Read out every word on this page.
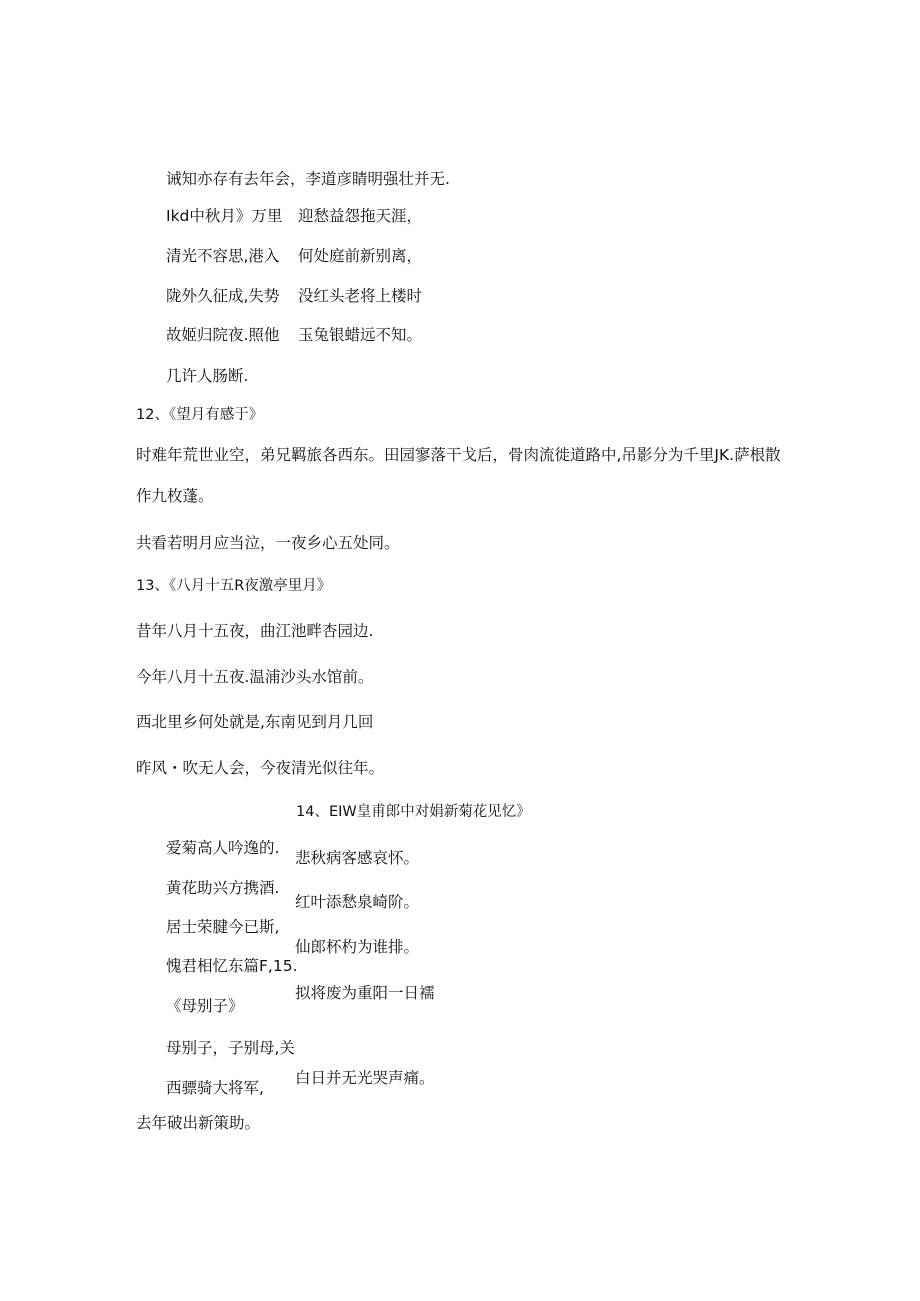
诫知亦存有去年会，李道彦睛明强壮并无.
Ikd中秋月》万里 迎愁益怨拖天涯，
清光不容思,港入 何处庭前新别离，
陇外久征成,失势 没红头老将上楼时
故姬归院夜.照他 玉兔银蜡远不知。
几许人肠断.
12、《望月有感于》
时难年荒世业空，弟兄羁旅各西东。田园寥落干戈后，骨肉流徙道路中,吊影分为千里JK.萨根散
作九枚蓬。
共看若明月应当泣，一夜乡心五处同。
13、《八月十五R夜激亭里月》
昔年八月十五夜，曲江池畔杏园边.
今年八月十五夜.温浦沙头水馆前。
西北里乡何处就是,东南见到月几回
昨风・吹无人会，今夜清光似往年。
14、EIW皇甫郎中对娟新菊花见忆》
爱菊高人吟逸的.
悲秋病客感哀怀。
黄花助兴方携酒.
红叶添愁泉崎阶。
居士荣腱今已斯,
仙郎杯杓为谁排。
愧君相忆东篇F,15.
拟将废为重阳一日襦
《母别子》
母别子，子别母,关
白日并无光哭声痛。
西骠骑大将军,
去年破出新策助。
